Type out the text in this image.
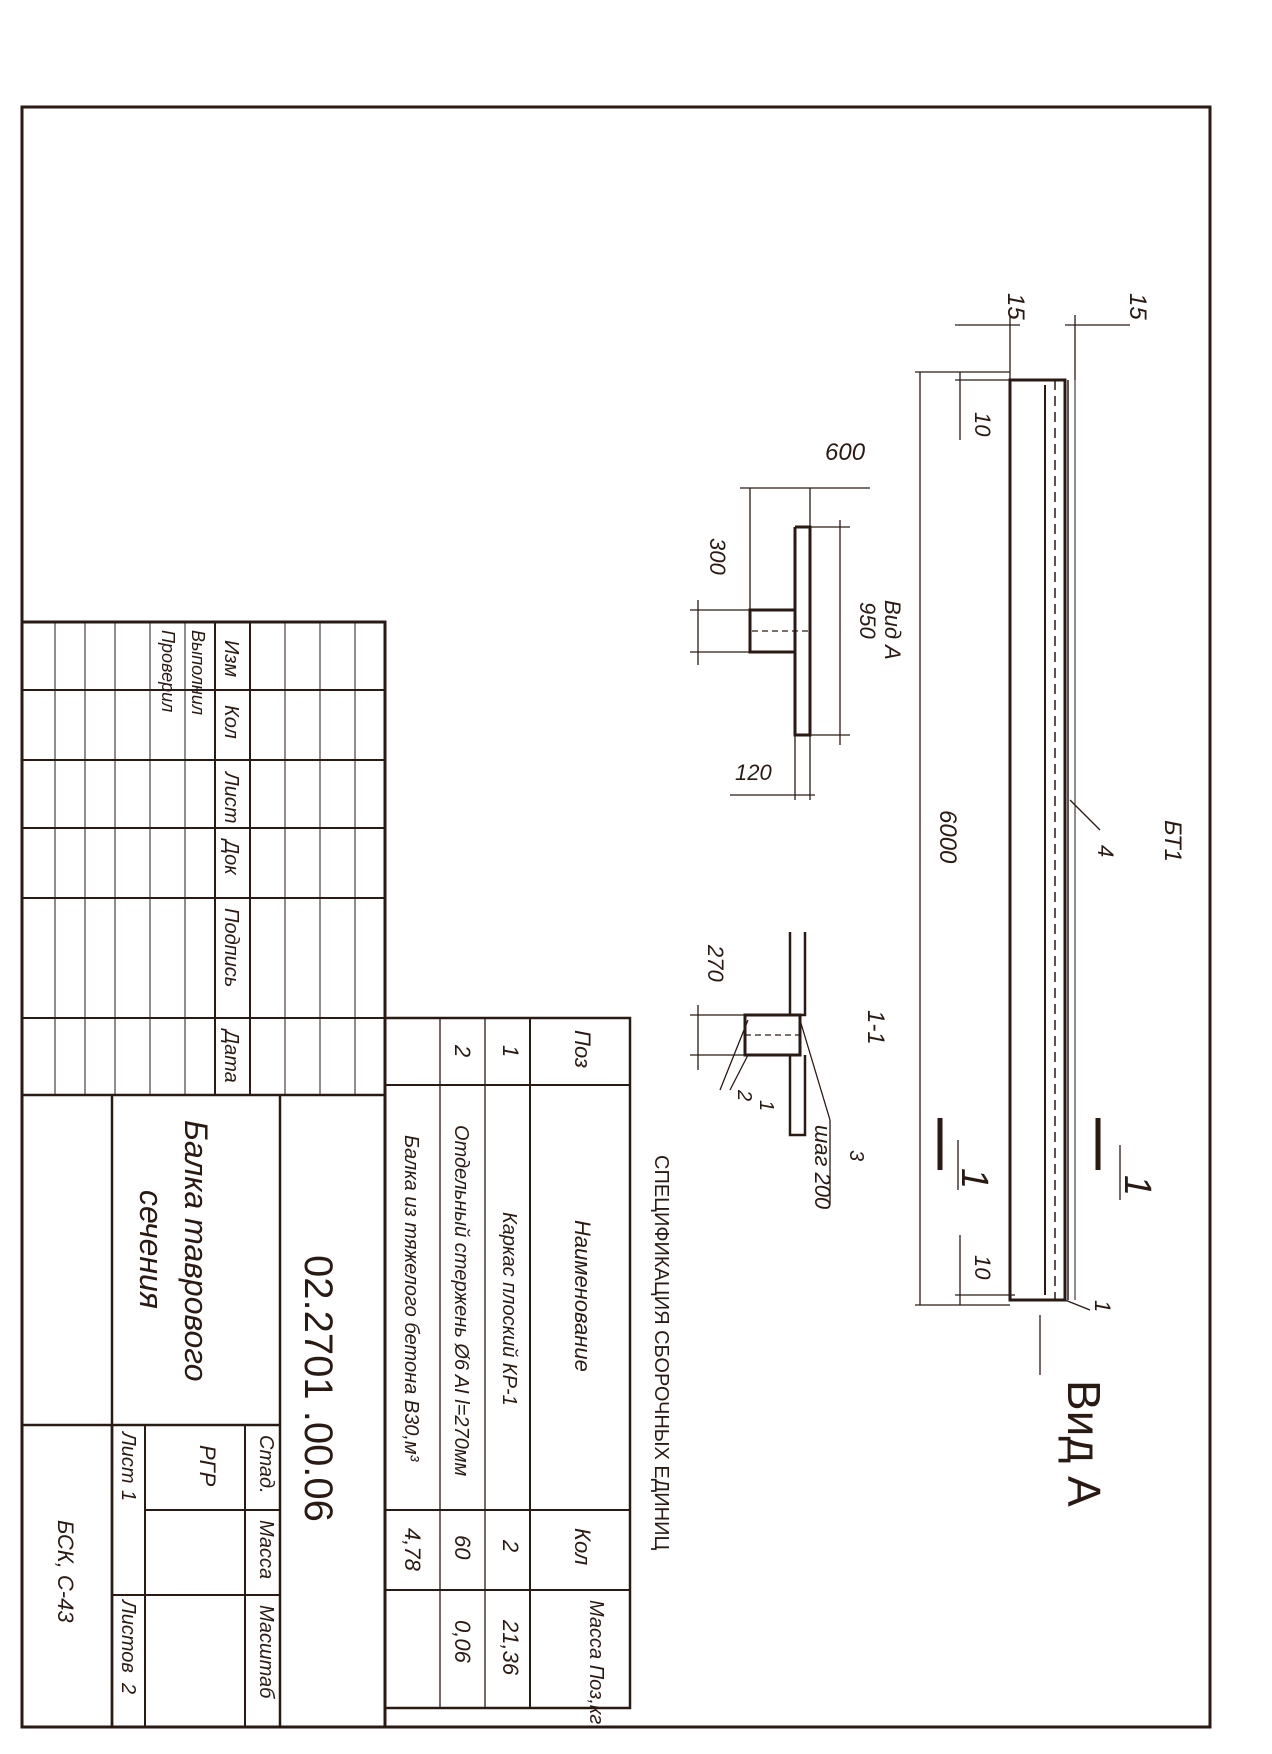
БТ1
4
1
15	15
10
10
6000
1	1
Вид А
Вид А
950
600
300
120
1-1
270
3
шаг 200
1
2
СПЕЦИФИКАЦИЯ СБОРОЧНЫХ ЕДИНИЦ
Поз
Наименование
Кол
Масса Поз,кг
1
Каркас плоский КР-1
2
21,36
2
Отдельный стержень Ø6 AI l=270мм
60
0,06
Балка из тяжелого бетона В30,м³
4,78
Изм
Кол
Лист
Док
Подпись
Дата
Выполнил
Проверил
02.2701 .00.06
Балка таврового
сечения
Стад.
Масса
Масштаб
РГР
Лист
1
Листов
2
БСК, С-43
